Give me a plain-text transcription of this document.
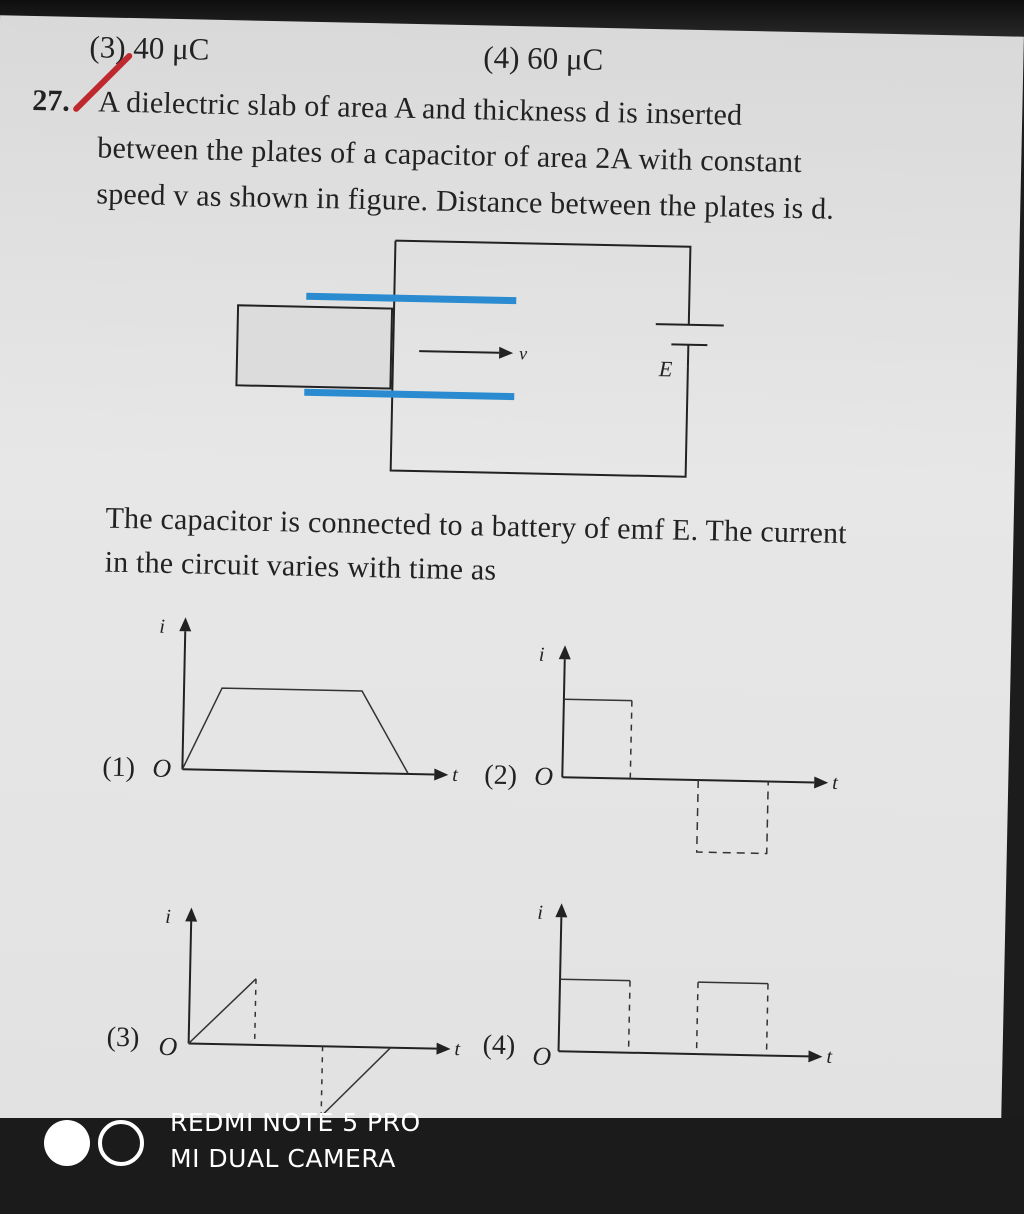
(3) 40 μC	(4) 60 μC
27. A dielectric slab of area A and thickness d is inserted
between the plates of a capacitor of area 2A with constant
speed v as shown in figure. Distance between the plates is d.
E
v
The capacitor is connected to a battery of emf E. The current
in the circuit varies with time as
(1) O
i
t (2) O
i
t
(3) O
i
t (4) O
i
t
REDMI NOTE 5 PRO
MI DUAL CAMERA
